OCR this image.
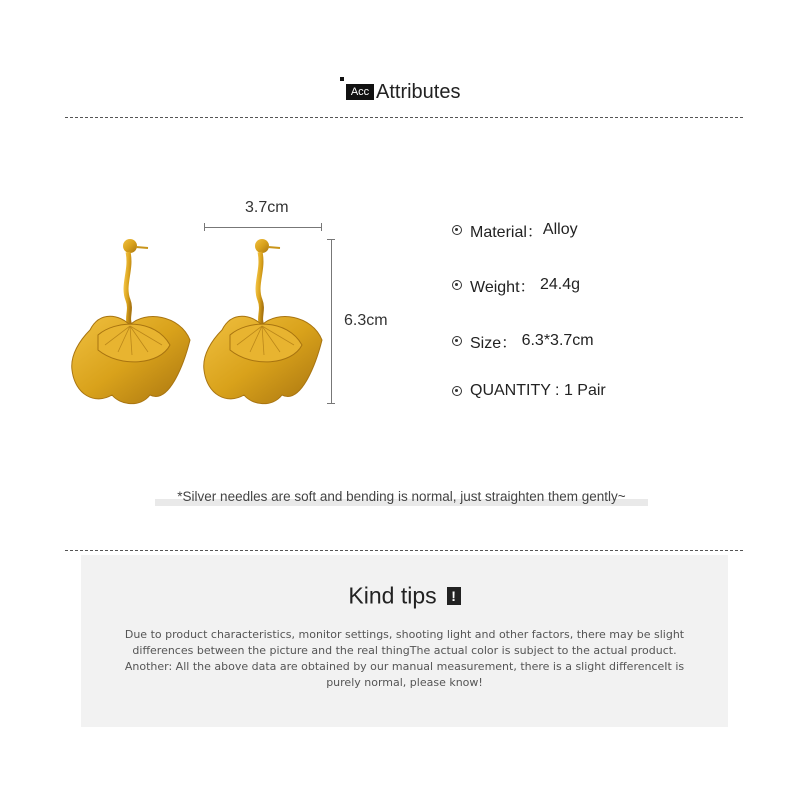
Acc Attributes
3.7cm
6.3cm
Material： Alloy
Weight： 24.4g
Size： 6.3*3.7cm
QUANTITY : 1 Pair
*Silver needles are soft and bending is normal, just straighten them gently~
Kind tips !
Due to product characteristics, monitor settings, shooting light and other factors, there may be slight differences between the picture and the real thingThe actual color is subject to the actual product. Another: All the above data are obtained by our manual measurement, there is a slight differenceIt is purely normal, please know!
